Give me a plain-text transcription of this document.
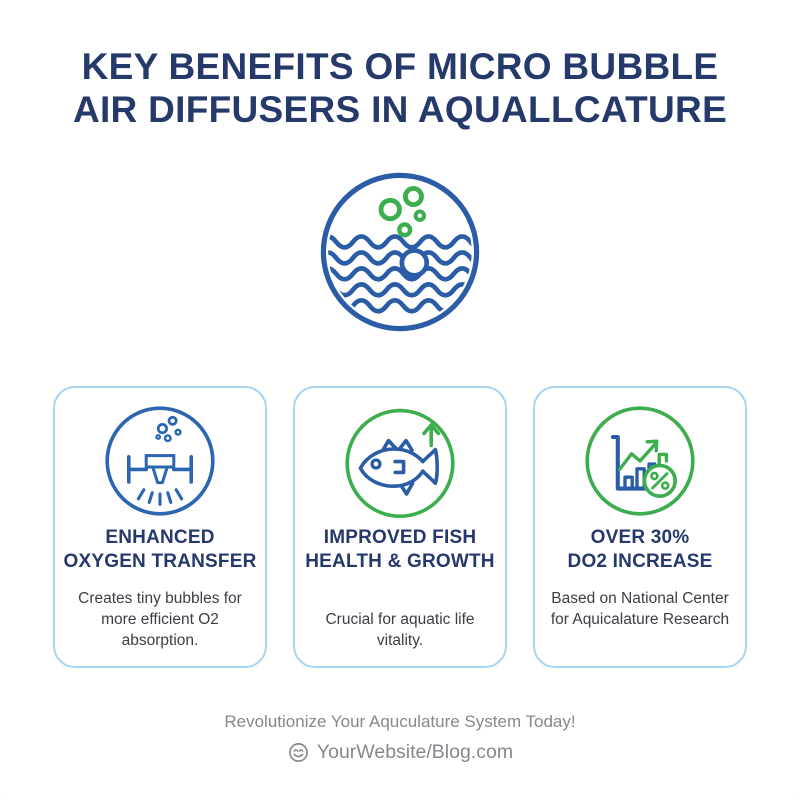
KEY BENEFITS OF MICRO BUBBLE
AIR DIFFUSERS IN AQUALLCATURE
ENHANCED
OXYGEN TRANSFER

Creates tiny bubbles for more efficient O2 absorption.

IMPROVED FISH
HEALTH & GROWTH

Crucial for aquatic life vitality.

OVER 30%
DO2 INCREASE

Based on National Center for Aquicalature Research

Revolutionize Your Aquculature System Today!

YourWebsite/Blog.com
